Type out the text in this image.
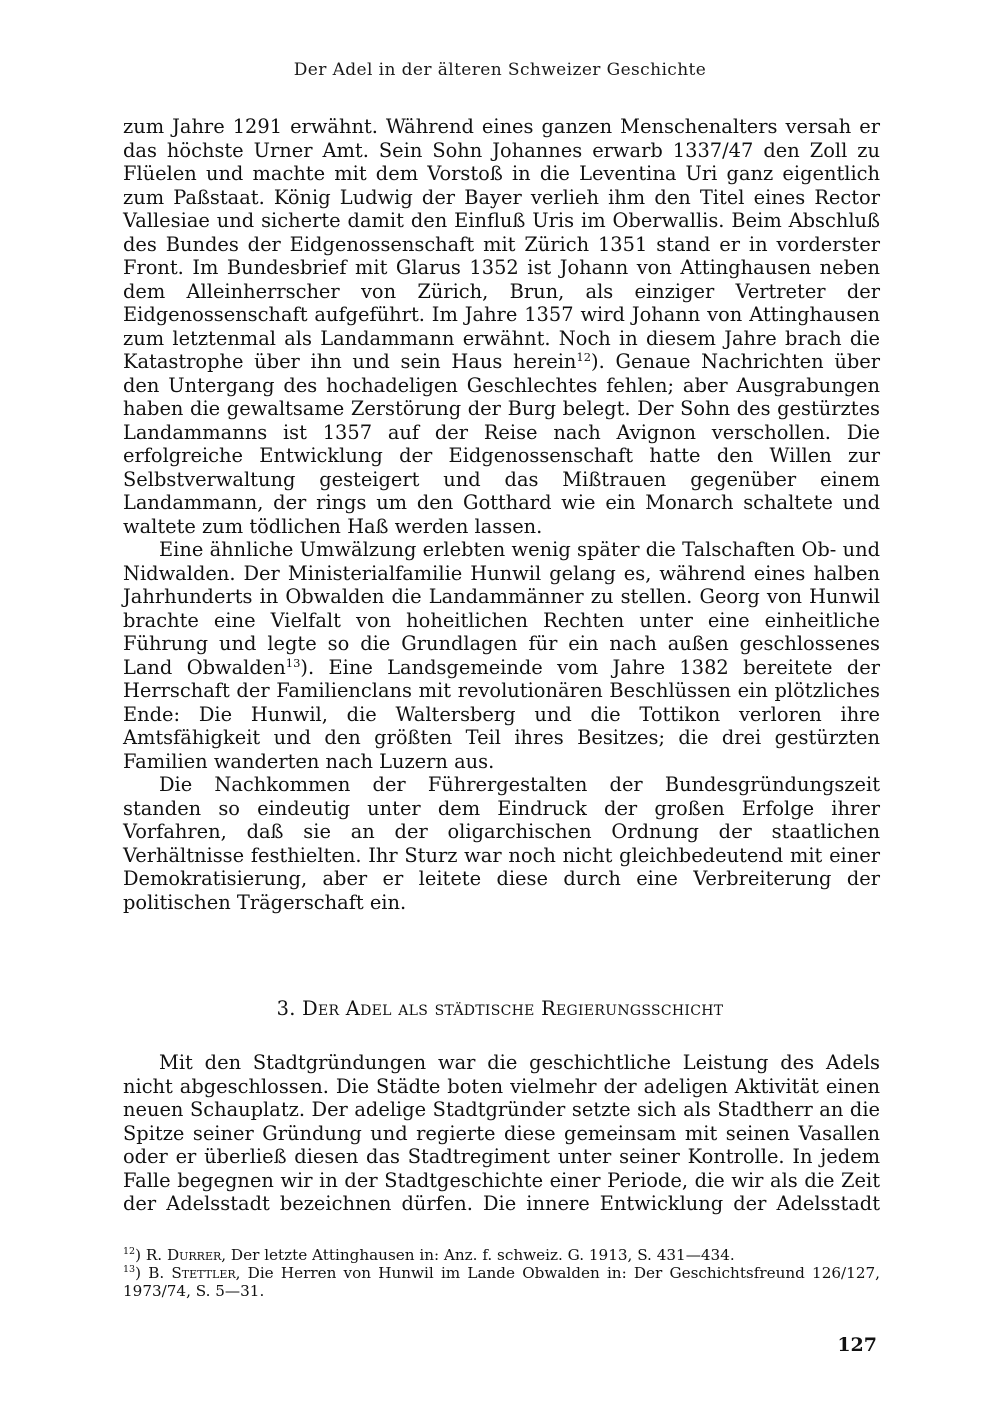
Der Adel in der älteren Schweizer Geschichte

zum Jahre 1291 erwähnt. Während eines ganzen Menschenalters versah er das höchste Urner Amt. Sein Sohn Johannes erwarb 1337/47 den Zoll zu Flüelen und machte mit dem Vorstoß in die Leventina Uri ganz eigentlich zum Paßstaat. König Ludwig der Bayer verlieh ihm den Titel eines Rector Vallesiae und sicherte damit den Einfluß Uris im Oberwallis. Beim Abschluß des Bundes der Eidgenossenschaft mit Zürich 1351 stand er in vorderster Front. Im Bundesbrief mit Glarus 1352 ist Johann von Attinghausen neben dem Alleinherrscher von Zürich, Brun, als einziger Vertreter der Eidgenossenschaft aufgeführt. Im Jahre 1357 wird Johann von Attinghausen zum letztenmal als Landammann erwähnt. Noch in diesem Jahre brach die Katastrophe über ihn und sein Haus herein$^{12}$). Genaue Nachrichten über den Untergang des hochadeligen Geschlechtes fehlen; aber Ausgrabungen haben die gewaltsame Zerstörung der Burg belegt. Der Sohn des gestürztes Landammanns ist 1357 auf der Reise nach Avignon verschollen. Die erfolgreiche Entwicklung der Eidgenossenschaft hatte den Willen zur Selbstverwaltung gesteigert und das Mißtrauen gegenüber einem Landammann, der rings um den Gotthard wie ein Monarch schaltete und waltete zum tödlichen Haß werden lassen.

Eine ähnliche Umwälzung erlebten wenig später die Talschaften Ob- und Nidwalden. Der Ministerialfamilie Hunwil gelang es, während eines halben Jahrhunderts in Obwalden die Landammänner zu stellen. Georg von Hunwil brachte eine Vielfalt von hoheitlichen Rechten unter eine einheitliche Führung und legte so die Grundlagen für ein nach außen geschlossenes Land Obwalden$^{13}$). Eine Landsgemeinde vom Jahre 1382 bereitete der Herrschaft der Familienclans mit revolutionären Beschlüssen ein plötzliches Ende: Die Hunwil, die Waltersberg und die Tottikon verloren ihre Amtsfähigkeit und den größten Teil ihres Besitzes; die drei gestürzten Familien wanderten nach Luzern aus.

Die Nachkommen der Führergestalten der Bundesgründungszeit standen so eindeutig unter dem Eindruck der großen Erfolge ihrer Vorfahren, daß sie an der oligarchischen Ordnung der staatlichen Verhältnisse festhielten. Ihr Sturz war noch nicht gleichbedeutend mit einer Demokratisierung, aber er leitete diese durch eine Verbreiterung der politischen Trägerschaft ein.

3. Der Adel als städtische Regierungsschicht

Mit den Stadtgründungen war die geschichtliche Leistung des Adels nicht abgeschlossen. Die Städte boten vielmehr der adeligen Aktivität einen neuen Schauplatz. Der adelige Stadtgründer setzte sich als Stadtherr an die Spitze seiner Gründung und regierte diese gemeinsam mit seinen Vasallen oder er überließ diesen das Stadtregiment unter seiner Kontrolle. In jedem Falle begegnen wir in der Stadtgeschichte einer Periode, die wir als die Zeit der Adelsstadt bezeichnen dürfen. Die innere Entwicklung der Adelsstadt

$^{12}$) R. Durrer, Der letzte Attinghausen in: Anz. f. schweiz. G. 1913, S. 431—434.

$^{13}$) B. Stettler, Die Herren von Hunwil im Lande Obwalden in: Der Geschichtsfreund 126/127, 1973/74, S. 5—31.

127
